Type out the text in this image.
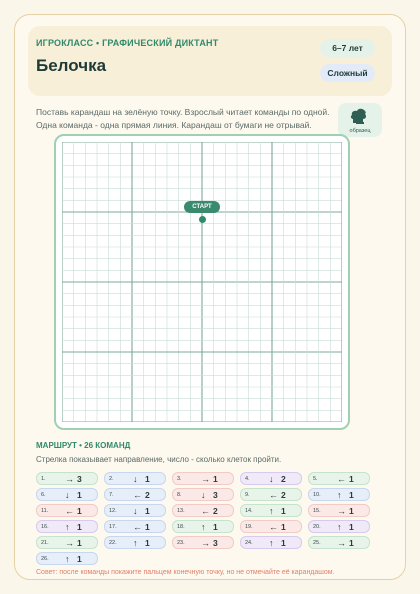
ИГРОКЛАСС • ГРАФИЧЕСКИЙ ДИКТАНТ
Белочка
6–7 лет
Сложный
Поставь карандаш на зелёную точку. Взрослый читает команды по одной. Одна команда - одна прямая линия. Карандаш от бумаги не отрывай.
образец
СТАРТ
МАРШРУТ • 26 КОМАНД
Стрелка показывает направление, число - сколько клеток пройти.
1. → 3	2. ↓ 1	3. → 1	4. ↓ 2	5. ← 1
6. ↓ 1	7. ← 2	8. ↓ 3	9. ← 2	10. ↑ 1
11. ← 1	12. ↓ 1	13. ← 2	14. ↑ 1	15. → 1
16. ↑ 1	17. ← 1	18. ↑ 1	19. ← 1	20. ↑ 1
21. → 1	22. ↑ 1	23. → 3	24. ↑ 1	25. → 1
26. ↑ 1
Совет: после команды покажите пальцем конечную точку, но не отмечайте её карандашом.
